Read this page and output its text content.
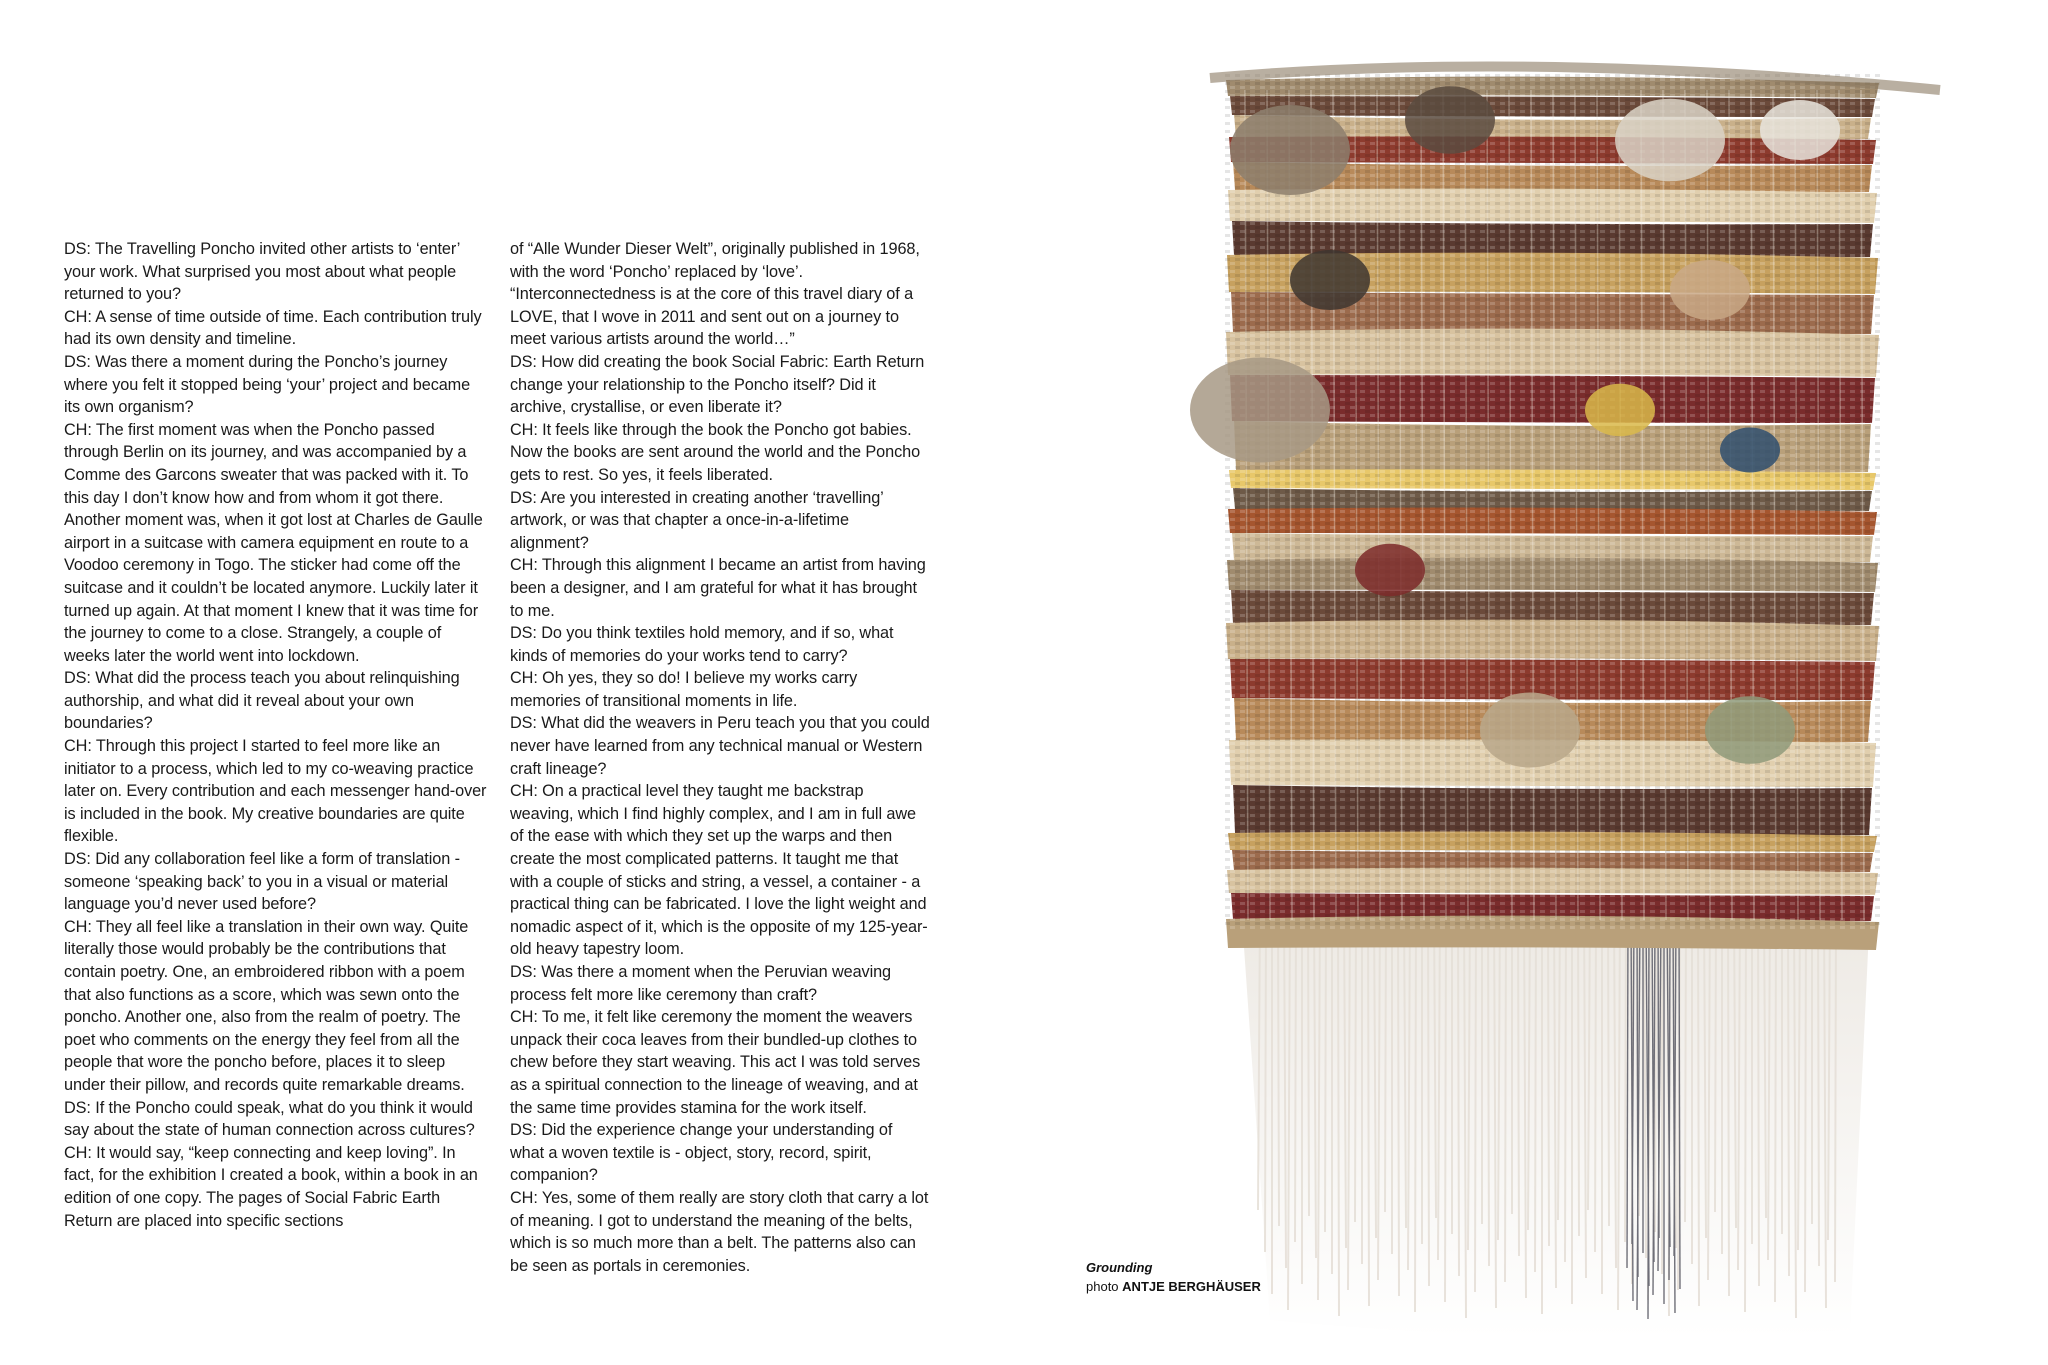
DS: The Travelling Poncho invited other artists to ‘enter’ your work. What surprised you most about what people returned to you?

CH: A sense of time outside of time. Each contribution truly had its own density and timeline.

DS: Was there a moment during the Poncho’s journey where you felt it stopped being ‘your’ project and became its own organism?

CH: The first moment was when the Poncho passed through Berlin on its journey, and was accompanied by a Comme des Garcons sweater that was packed with it. To this day I don’t know how and from whom it got there. Another moment was, when it got lost at Charles de Gaulle airport in a suitcase with camera equipment en route to a Voodoo ceremony in Togo. The sticker had come off the suitcase and it couldn’t be located anymore. Luckily later it turned up again. At that moment I knew that it was time for the journey to come to a close. Strangely, a couple of weeks later the world went into lockdown.

DS: What did the process teach you about relinquishing authorship, and what did it reveal about your own boundaries?

CH: Through this project I started to feel more like an initiator to a process, which led to my co-weaving practice later on. Every contribution and each messenger hand-over is included in the book. My creative boundaries are quite flexible.

DS: Did any collaboration feel like a form of translation - someone ‘speaking back’ to you in a visual or material language you’d never used before?

CH: They all feel like a translation in their own way. Quite literally those would probably be the contributions that contain poetry. One, an embroidered ribbon with a poem that also functions as a score, which was sewn onto the poncho. Another one, also from the realm of poetry. The poet who comments on the energy they feel from all the people that wore the poncho before, places it to sleep under their pillow, and records quite remarkable dreams.

DS: If the Poncho could speak, what do you think it would say about the state of human connection across cultures?

CH: It would say, “keep connecting and keep loving”. In fact, for the exhibition I created a book, within a book in an edition of one copy. The pages of Social Fabric Earth Return are placed into specific sections

of “Alle Wunder Dieser Welt”, originally published in 1968, with the word ‘Poncho’ replaced by ‘love’. “Interconnectedness is at the core of this travel diary of a LOVE, that I wove in 2011 and sent out on a journey to meet various artists around the world…”

DS: How did creating the book Social Fabric: Earth Return change your relationship to the Poncho itself? Did it archive, crystallise, or even liberate it?

CH: It feels like through the book the Poncho got babies. Now the books are sent around the world and the Poncho gets to rest. So yes, it feels liberated.

DS: Are you interested in creating another ‘travelling’ artwork, or was that chapter a once-in-a-lifetime alignment?

CH: Through this alignment I became an artist from having been a designer, and I am grateful for what it has brought to me.

DS: Do you think textiles hold memory, and if so, what kinds of memories do your works tend to carry?

CH: Oh yes, they so do! I believe my works carry memories of transitional moments in life.

DS: What did the weavers in Peru teach you that you could never have learned from any technical manual or Western craft lineage?

CH: On a practical level they taught me backstrap weaving, which I find highly complex, and I am in full awe of the ease with which they set up the warps and then create the most complicated patterns. It taught me that with a couple of sticks and string, a vessel, a container - a practical thing can be fabricated. I love the light weight and nomadic aspect of it, which is the opposite of my 125-year-old heavy tapestry loom.

DS: Was there a moment when the Peruvian weaving process felt more like ceremony than craft?

CH: To me, it felt like ceremony the moment the weavers unpack their coca leaves from their bundled-up clothes to chew before they start weaving. This act I was told serves as a spiritual connection to the lineage of weaving, and at the same time provides stamina for the work itself.

DS: Did the experience change your understanding of what a woven textile is - object, story, record, spirit, companion?

CH: Yes, some of them really are story cloth that carry a lot of meaning. I got to understand the meaning of the belts, which is so much more than a belt. The patterns also can be seen as portals in ceremonies.	Grounding
photo ANTJE BERGHÄUSER
